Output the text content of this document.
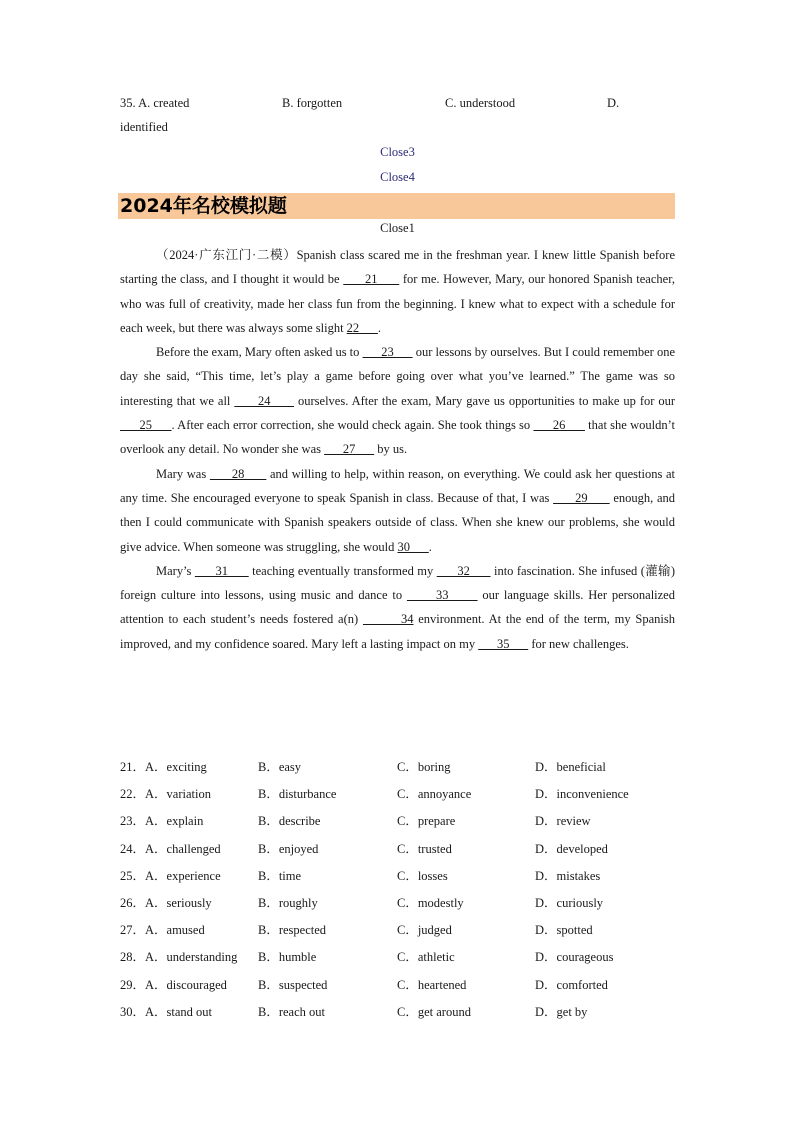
35. A. created	B. forgotten	C. understood	D.
identified
Close3
Close4
2024年名校模拟题
Close1

（2024·广东江门·二模）Spanish class scared me in the freshman year. I knew little Spanish before starting the class, and I thought it would be       21       for me. However, Mary, our honored Spanish teacher, who was full of creativity, made her class fun from the beginning. I knew what to expect with a schedule for each week, but there was always some slight 22      .

Before the exam, Mary often asked us to       23       our lessons by ourselves. But I could remember one day she said, “This time, let’s play a game before going over what you’ve learned.” The game was so interesting that we all       24       ourselves. After the exam, Mary gave us opportunities to make up for our       25      . After each error correction, she would check again. She took things so       26       that she wouldn’t overlook any detail. No wonder she was       27       by us.

Mary was       28       and willing to help, within reason, on everything. We could ask her questions at any time. She encouraged everyone to speak Spanish in class. Because of that, I was       29       enough, and then I could communicate with Spanish speakers outside of class. When she knew our problems, she would give advice. When someone was struggling, she would 30      .

Mary’s       31       teaching eventually transformed my       32       into fascination. She infused (灌输) foreign culture into lessons, using music and dance to       33       our language skills. Her personalized attention to each student’s needs fostered a(n)         34 environment. At the end of the term, my Spanish improved, and my confidence soared. Mary left a lasting impact on my       35       for new challenges.

21．A．exciting	B．easy	C．boring	D．beneficial
22．A．variation	B．disturbance	C．annoyance	D．inconvenience
23．A．explain	B．describe	C．prepare	D．review
24．A．challenged	B．enjoyed	C．trusted	D．developed
25．A．experience	B．time	C．losses	D．mistakes
26．A．seriously	B．roughly	C．modestly	D．curiously
27．A．amused	B．respected	C．judged	D．spotted
28．A．understanding B．humble	C．athletic	D．courageous
29．A．discouraged B．suspected	C．heartened	D．comforted
30．A．stand out	B．reach out	C．get around	D．get by
